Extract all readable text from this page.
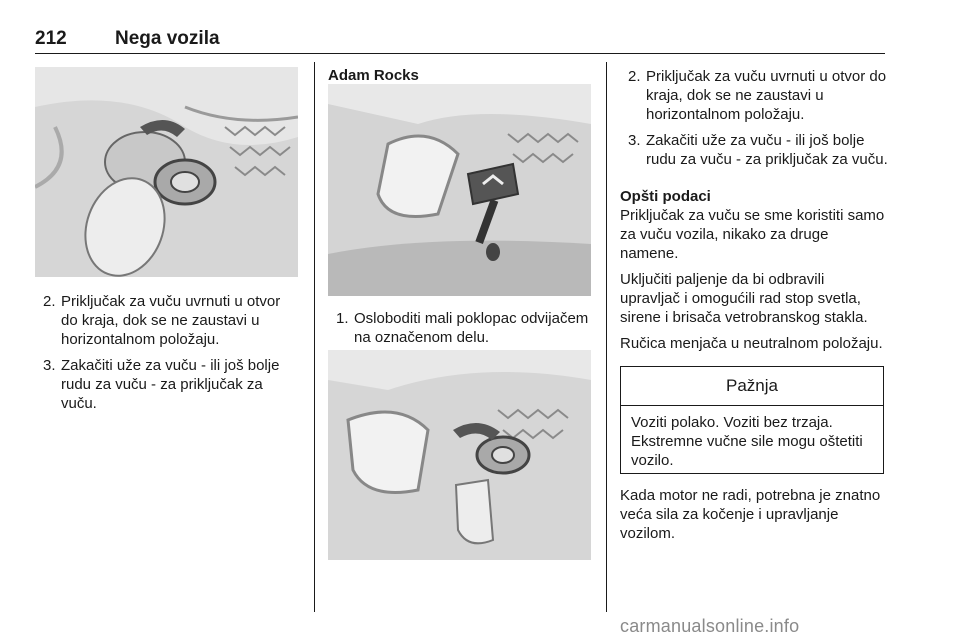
212	Nega vozila
2. Priključak za vuču uvrnuti u otvor do kraja, dok se ne zaustavi u horizontalnom položaju.
3. Zakačiti uže za vuču - ili još bolje rudu za vuču - za priključak za vuču.
Adam Rocks
1. Osloboditi mali poklopac odvijačem na označenom delu.
2. Priključak za vuču uvrnuti u otvor do kraja, dok se ne zaustavi u horizontalnom položaju.
3. Zakačiti uže za vuču - ili još bolje rudu za vuču - za priključak za vuču.
Opšti podaci

Priključak za vuču se sme koristiti samo za vuču vozila, nikako za druge namene.

Uključiti paljenje da bi odbravili upravljač i omogućili rad stop svetla, sirene i brisača vetrobranskog stakla.

Ručica menjača u neutralnom položaju.

Pažnja
Voziti polako. Voziti bez trzaja. Ekstremne vučne sile mogu oštetiti vozilo.
Kada motor ne radi, potrebna je znatno veća sila za kočenje i upravljanje vozilom.
carmanualsonline.info
